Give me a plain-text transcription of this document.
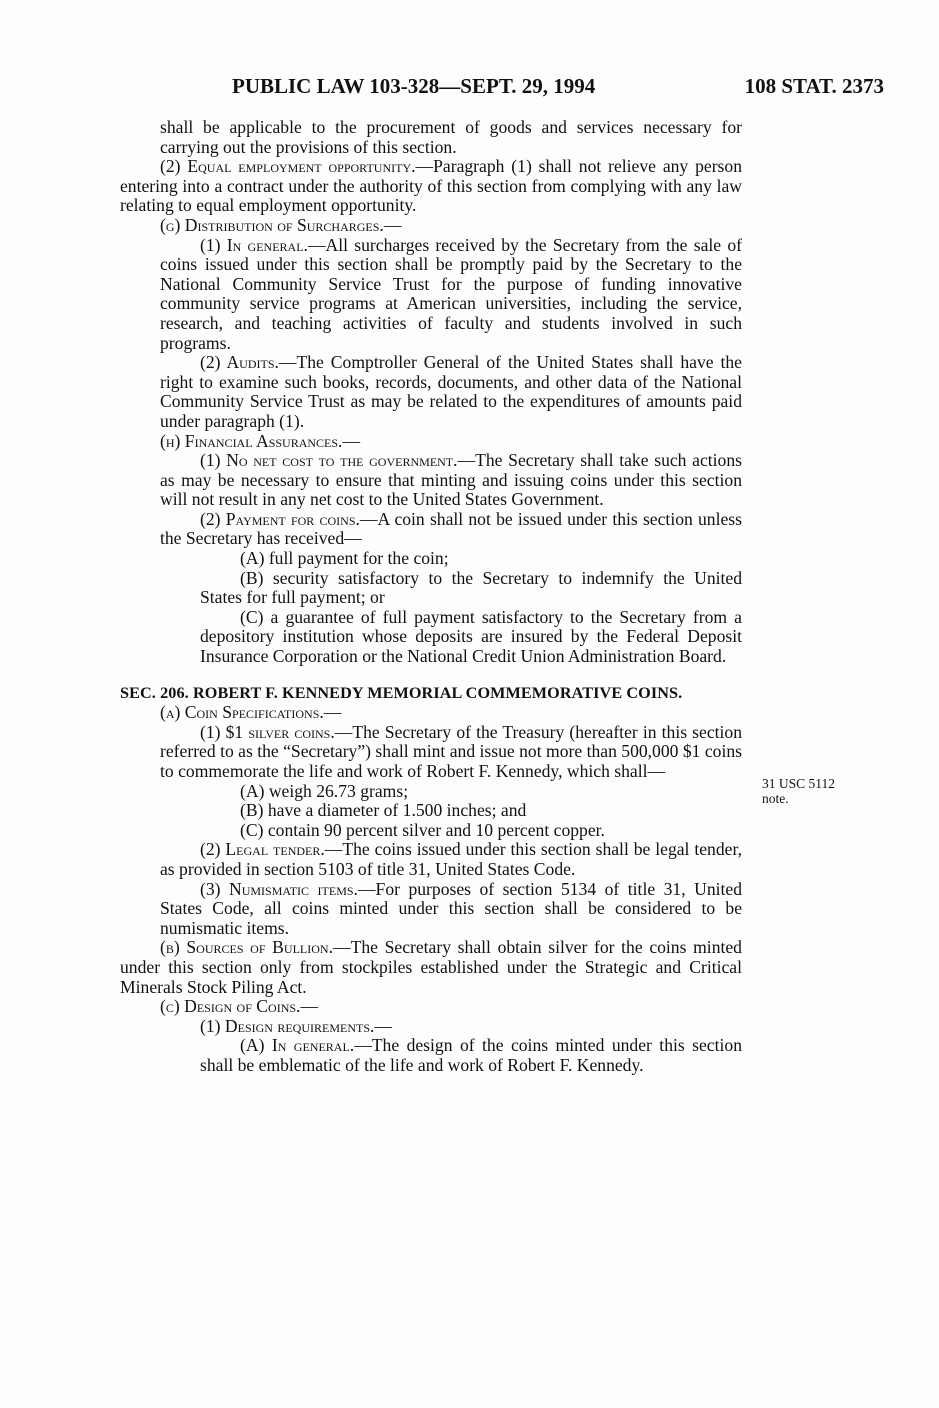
PUBLIC LAW 103-328—SEPT. 29, 1994	108 STAT. 2373
31 USC 5112
note.

shall be applicable to the procurement of goods and services necessary for carrying out the provisions of this section.

(2) Equal employment opportunity.—Paragraph (1) shall not relieve any person entering into a contract under the authority of this section from complying with any law relating to equal employment opportunity.

(g) Distribution of Surcharges.—

(1) In general.—All surcharges received by the Secretary from the sale of coins issued under this section shall be promptly paid by the Secretary to the National Community Service Trust for the purpose of funding innovative community service programs at American universities, including the service, research, and teaching activities of faculty and students involved in such programs.

(2) Audits.—The Comptroller General of the United States shall have the right to examine such books, records, documents, and other data of the National Community Service Trust as may be related to the expenditures of amounts paid under paragraph (1).

(h) Financial Assurances.—

(1) No net cost to the government.—The Secretary shall take such actions as may be necessary to ensure that minting and issuing coins under this section will not result in any net cost to the United States Government.

(2) Payment for coins.—A coin shall not be issued under this section unless the Secretary has received—

(A) full payment for the coin;

(B) security satisfactory to the Secretary to indemnify the United States for full payment; or

(C) a guarantee of full payment satisfactory to the Secretary from a depository institution whose deposits are insured by the Federal Deposit Insurance Corporation or the National Credit Union Administration Board.

SEC. 206. ROBERT F. KENNEDY MEMORIAL COMMEMORATIVE COINS.

(a) Coin Specifications.—

(1) $1 silver coins.—The Secretary of the Treasury (hereafter in this section referred to as the “Secretary”) shall mint and issue not more than 500,000 $1 coins to commemorate the life and work of Robert F. Kennedy, which shall—

(A) weigh 26.73 grams;

(B) have a diameter of 1.500 inches; and

(C) contain 90 percent silver and 10 percent copper.

(2) Legal tender.—The coins issued under this section shall be legal tender, as provided in section 5103 of title 31, United States Code.

(3) Numismatic items.—For purposes of section 5134 of title 31, United States Code, all coins minted under this section shall be considered to be numismatic items.

(b) Sources of Bullion.—The Secretary shall obtain silver for the coins minted under this section only from stockpiles established under the Strategic and Critical Minerals Stock Piling Act.

(c) Design of Coins.—

(1) Design requirements.—

(A) In general.—The design of the coins minted under this section shall be emblematic of the life and work of Robert F. Kennedy.
